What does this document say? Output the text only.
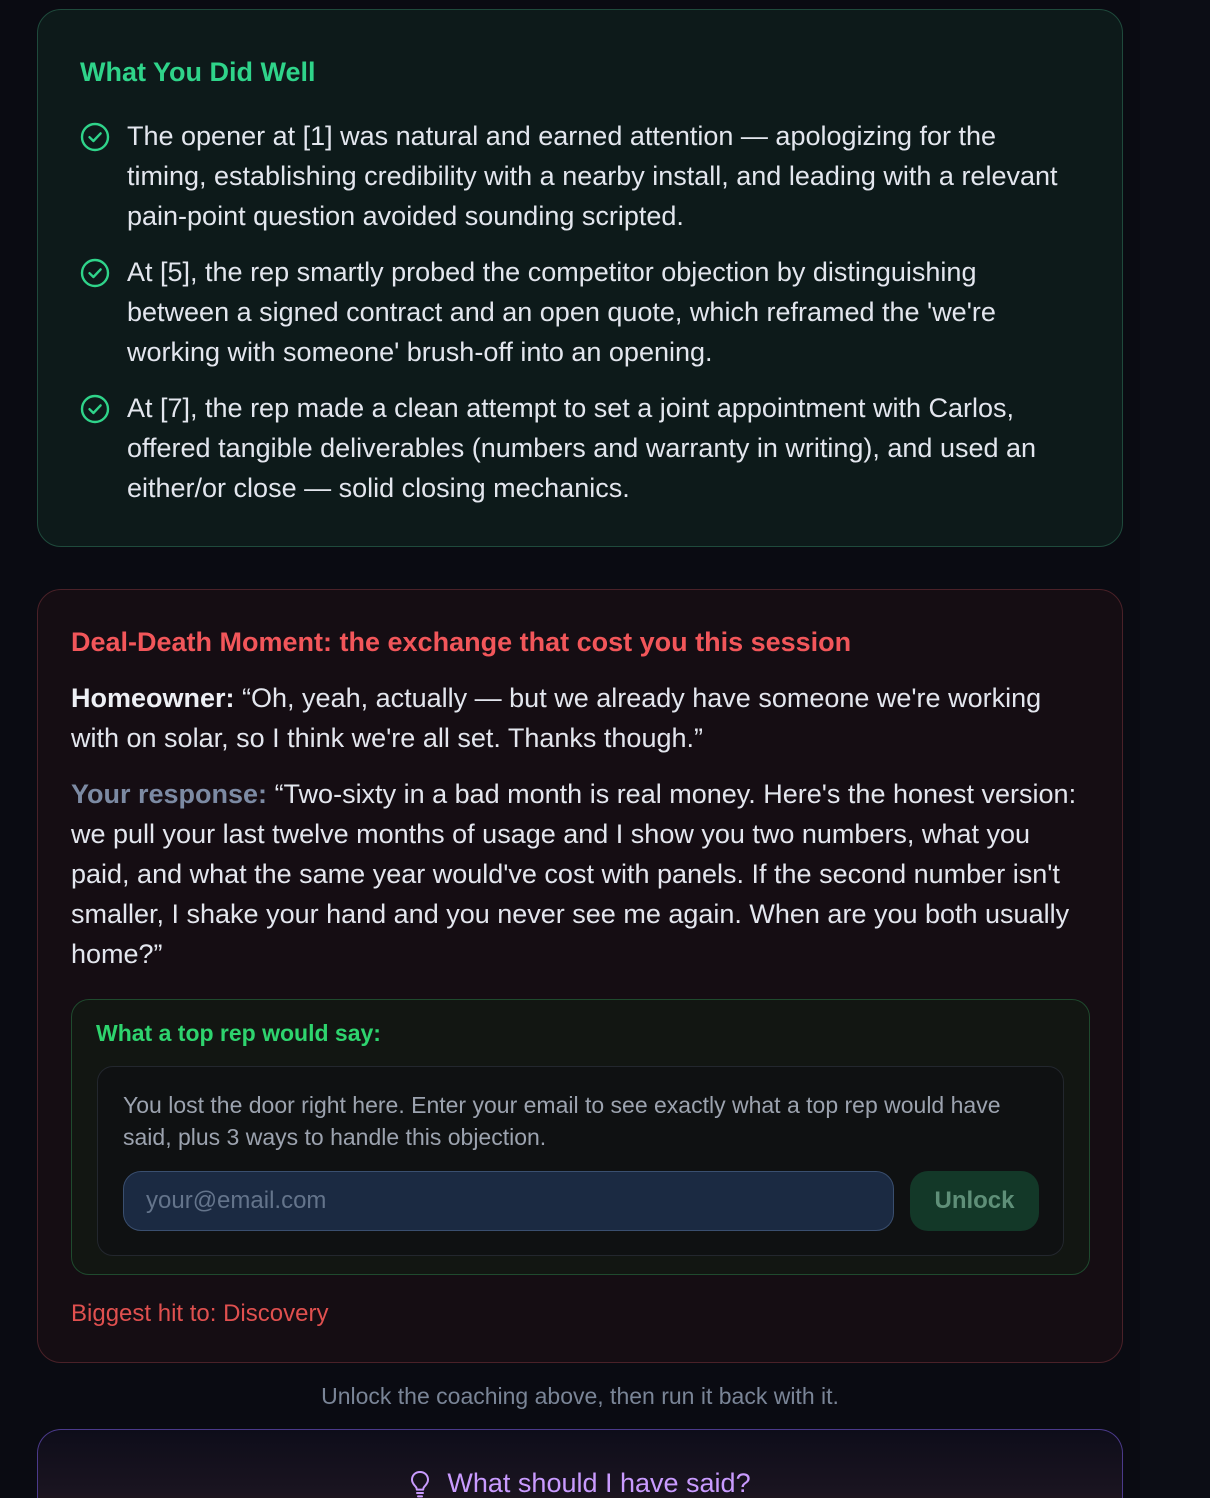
What You Did Well
The opener at [1] was natural and earned attention — apologizing for the timing, establishing credibility with a nearby install, and leading with a relevant pain-point question avoided sounding scripted.
At [5], the rep smartly probed the competitor objection by distinguishing between a signed contract and an open quote, which reframed the 'we're working with someone' brush-off into an opening.
At [7], the rep made a clean attempt to set a joint appointment with Carlos, offered tangible deliverables (numbers and warranty in writing), and used an either/or close — solid closing mechanics.
Deal-Death Moment: the exchange that cost you this session

Homeowner: “Oh, yeah, actually — but we already have someone we're working with on solar, so I think we're all set. Thanks though.”

Your response: “Two-sixty in a bad month is real money. Here's the honest version: we pull your last twelve months of usage and I show you two numbers, what you paid, and what the same year would've cost with panels. If the second number isn't smaller, I shake your hand and you never see me again. When are you both usually home?”

What a top rep would say:

You lost the door right here. Enter your email to see exactly what a top rep would have said, plus 3 ways to handle this objection.

your@email.com
Unlock

Biggest hit to: Discovery

Unlock the coaching above, then run it back with it.

What should I have said?
